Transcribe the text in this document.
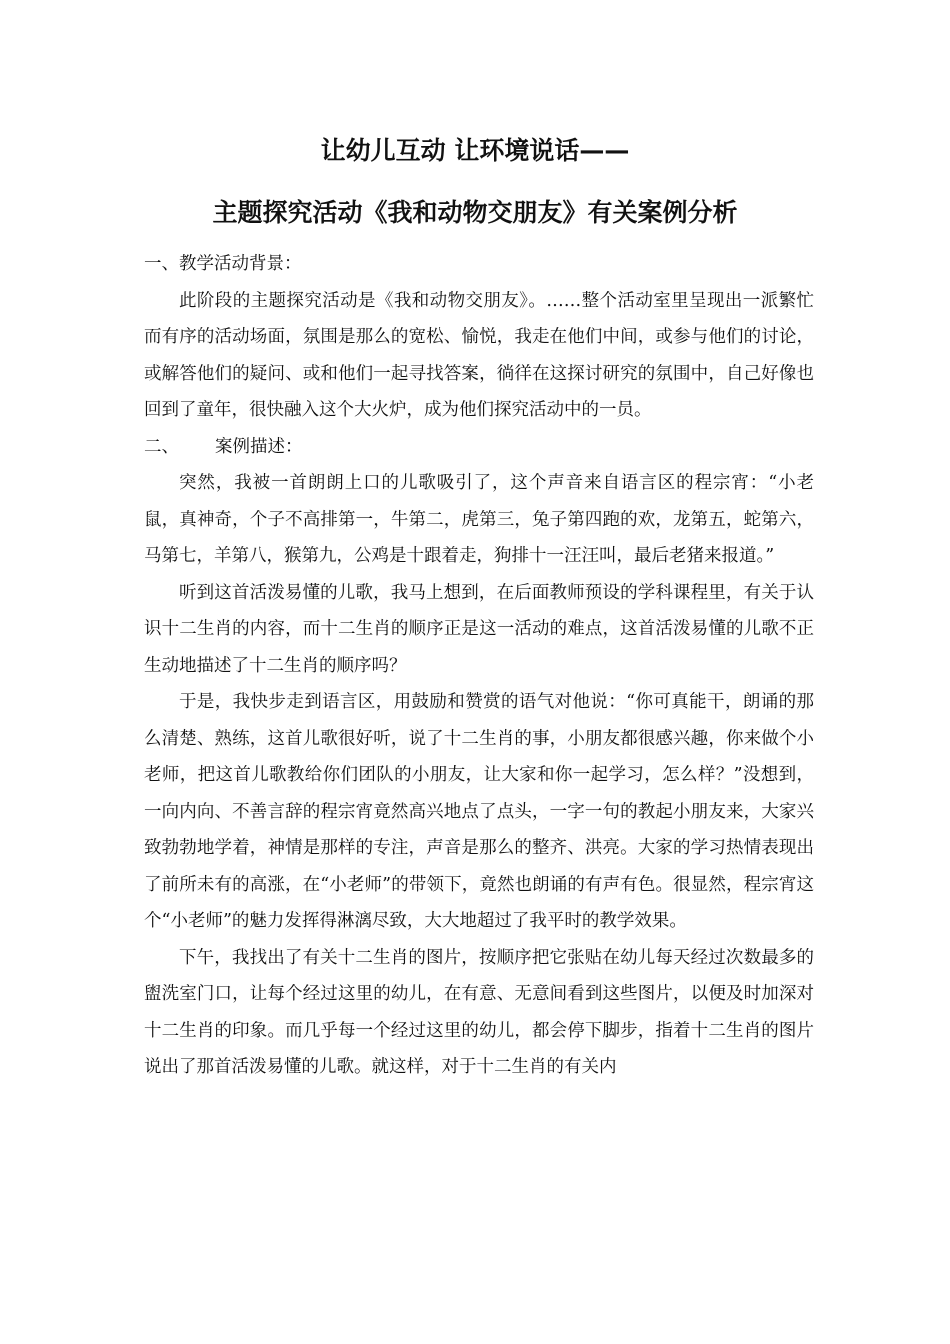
让幼儿互动 让环境说话——
主题探究活动《我和动物交朋友》有关案例分析

一、教学活动背景：

此阶段的主题探究活动是《我和动物交朋友》。……整个活动室里呈现出一派繁忙而有序的活动场面，氛围是那么的宽松、愉悦，我走在他们中间，或参与他们的讨论，或解答他们的疑问、或和他们一起寻找答案，徜徉在这探讨研究的氛围中，自己好像也回到了童年，很快融入这个大火炉，成为他们探究活动中的一员。

二、 案例描述：

突然，我被一首朗朗上口的儿歌吸引了，这个声音来自语言区的程宗宵：“小老鼠，真神奇，个子不高排第一，牛第二，虎第三，兔子第四跑的欢，龙第五，蛇第六，马第七，羊第八，猴第九，公鸡是十跟着走，狗排十一汪汪叫，最后老猪来报道。”

听到这首活泼易懂的儿歌，我马上想到，在后面教师预设的学科课程里，有关于认识十二生肖的内容，而十二生肖的顺序正是这一活动的难点，这首活泼易懂的儿歌不正生动地描述了十二生肖的顺序吗？

于是，我快步走到语言区，用鼓励和赞赏的语气对他说：“你可真能干，朗诵的那么清楚、熟练，这首儿歌很好听，说了十二生肖的事，小朋友都很感兴趣，你来做个小老师，把这首儿歌教给你们团队的小朋友，让大家和你一起学习，怎么样？”没想到，一向内向、不善言辞的程宗宵竟然高兴地点了点头，一字一句的教起小朋友来，大家兴致勃勃地学着，神情是那样的专注，声音是那么的整齐、洪亮。大家的学习热情表现出了前所未有的高涨，在“小老师”的带领下，竟然也朗诵的有声有色。很显然，程宗宵这个“小老师”的魅力发挥得淋漓尽致，大大地超过了我平时的教学效果。

下午，我找出了有关十二生肖的图片，按顺序把它张贴在幼儿每天经过次数最多的盥洗室门口，让每个经过这里的幼儿，在有意、无意间看到这些图片，以便及时加深对十二生肖的印象。而几乎每一个经过这里的幼儿，都会停下脚步，指着十二生肖的图片说出了那首活泼易懂的儿歌。就这样，对于十二生肖的有关内
